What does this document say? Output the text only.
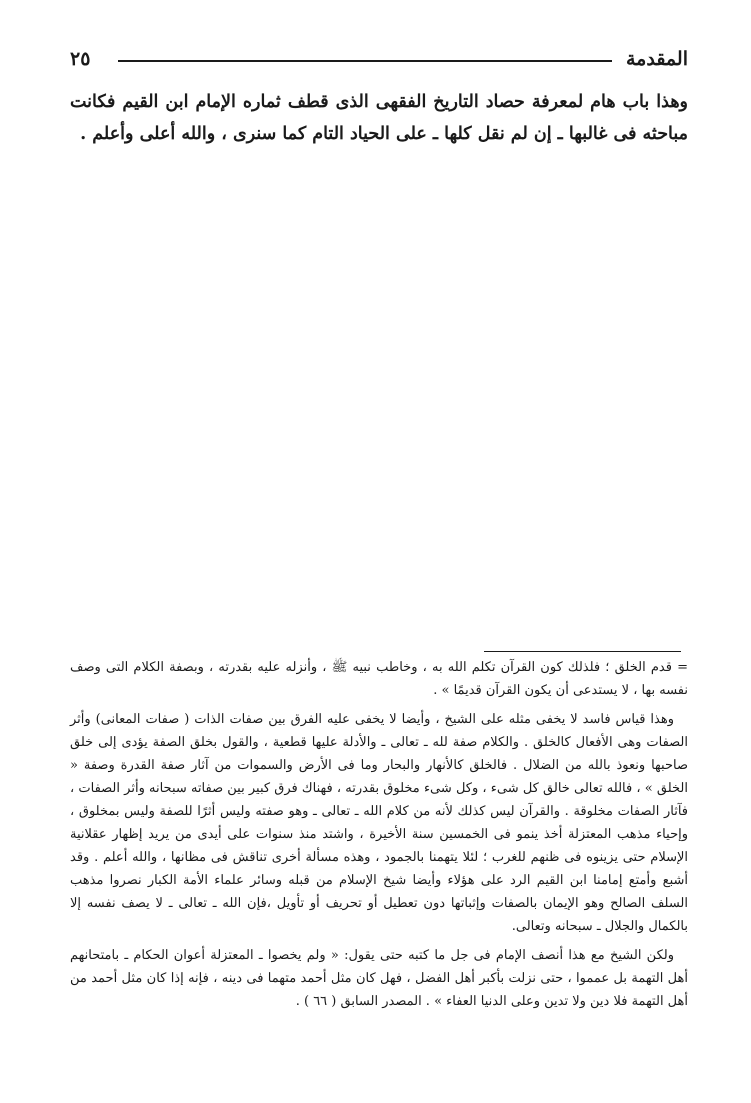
المقدمة
٢٥

وهذا باب هام لمعرفة حصاد التاريخ الفقهى الذى قطف ثماره الإمام ابن القيم فكانت مباحثه فى غالبها ـ إن لم نقل كلها ـ على الحياد التام كما سنرى ، والله أعلى وأعلم .

= قدم الخلق ؛ فلذلك كون القرآن تكلم الله به ، وخاطب نبيه ﷺ ، وأنزله عليه بقدرته ، وبصفة الكلام التى وصف نفسه بها ، لا يستدعى أن يكون القرآن قديمًا » .

وهذا قياس فاسد لا يخفى مثله على الشيخ ، وأيضا لا يخفى عليه الفرق بين صفات الذات ( صفات المعانى) وأثر الصفات وهى الأفعال كالخلق . والكلام صفة لله ـ تعالى ـ والأدلة عليها قطعية ، والقول بخلق الصفة يؤدى إلى خلق صاحبها ونعوذ بالله من الضلال . فالخلق كالأنهار والبحار وما فى الأرض والسموات من آثار صفة القدرة وصفة « الخلق » ، فالله تعالى خالق كل شىء ، وكل شىء مخلوق بقدرته ، فهناك فرق كبير بين صفاته سبحانه وأثر الصفات ، فآثار الصفات مخلوقة . والقرآن ليس كذلك لأنه من كلام الله ـ تعالى ـ وهو صفته وليس أثرًا للصفة وليس بمخلوق ، وإحياء مذهب المعتزلة أخذ ينمو فى الخمسين سنة الأخيرة ، واشتد منذ سنوات على أيدى من يريد إظهار عقلانية الإسلام حتى يزينوه فى ظنهم للغرب ؛ لئلا يتهمنا بالجمود ، وهذه مسألة أخرى تناقش فى مظانها ، والله أعلم . وقد أشبع وأمتع إمامنا ابن القيم الرد على هؤلاء وأيضا شيخ الإسلام من قبله وسائر علماء الأمة الكبار نصروا مذهب السلف الصالح وهو الإيمان بالصفات وإثباتها دون تعطيل أو تحريف أو تأويل ،فإن الله ـ تعالى ـ لا يصف نفسه إلا بالكمال والجلال ـ سبحانه وتعالى.

ولكن الشيخ مع هذا أنصف الإمام فى جل ما كتبه حتى يقول: « ولم يخصوا ـ المعتزلة أعوان الحكام ـ بامتحانهم أهل التهمة بل عمموا ، حتى نزلت بأكبر أهل الفضل ، فهل كان مثل أحمد متهما فى دينه ، فإنه إذا كان مثل أحمد من أهل التهمة فلا دين ولا تدين وعلى الدنيا العفاء » . المصدر السابق ( ٦٦ ) .
